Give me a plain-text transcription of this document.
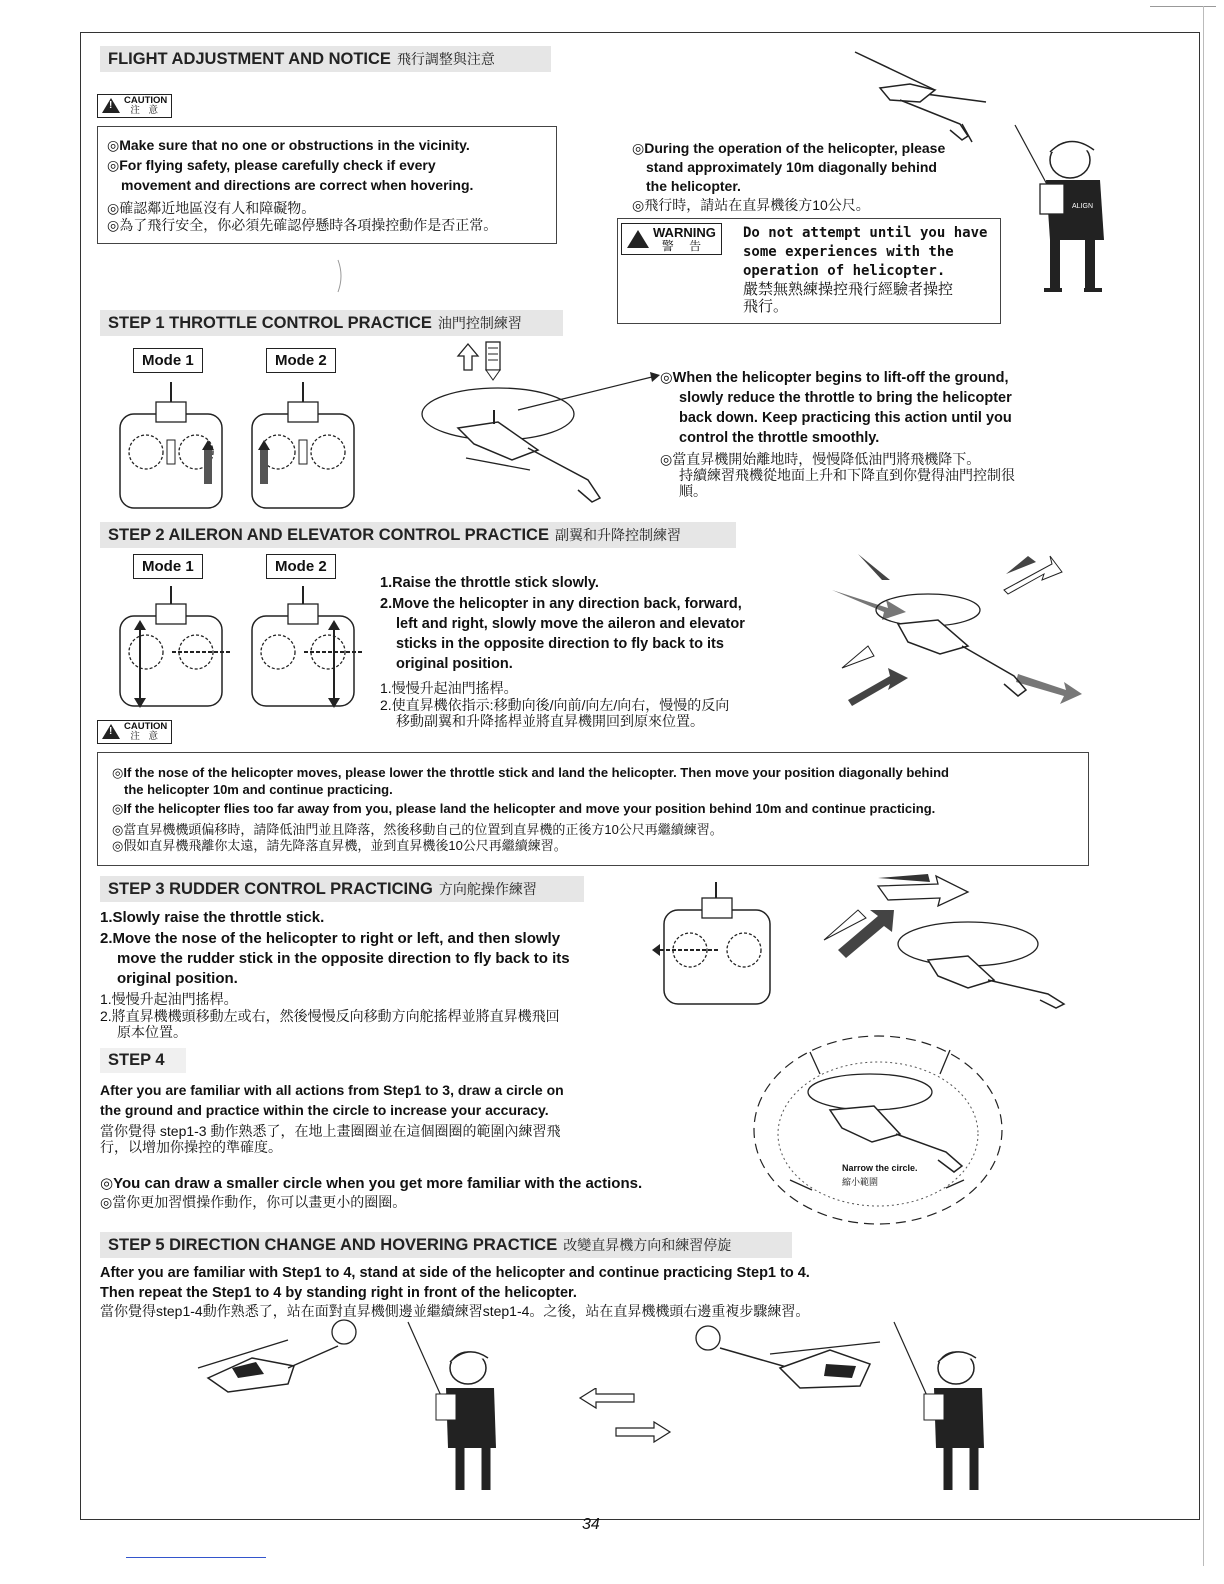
FLIGHT ADJUSTMENT AND NOTICE 飛行調整與注意
!
CAUTION
注 意
◎Make sure that no one or obstructions in the vicinity.
◎For flying safety, please carefully check if every
movement and directions are correct when hovering.
◎確認鄰近地區沒有人和障礙物。
◎為了飛行安全，你必須先確認停懸時各項操控動作是否正常。
◎During the operation of the helicopter, please
stand approximately 10m diagonally behind
the helicopter.
◎飛行時，請站在直昇機後方10公尺。
WARNING
警 告
Do not attempt until you have
some experiences with the
operation of helicopter.
嚴禁無熟練操控飛行經驗者操控
飛行。
ALIGN
STEP 1 THROTTLE CONTROL PRACTICE 油門控制練習
Mode 1	Mode 2
◎When the helicopter begins to lift-off the ground,
slowly reduce the throttle to bring the helicopter
back down. Keep practicing this action until you
control the throttle smoothly.
◎當直昇機開始離地時，慢慢降低油門將飛機降下。
持續練習飛機從地面上升和下降直到你覺得油門控制很
順。
STEP 2 AILERON AND ELEVATOR CONTROL PRACTICE 副翼和升降控制練習
Mode 1	Mode 2
1.Raise the throttle stick slowly.
2.Move the helicopter in any direction back, forward,
left and right, slowly move the aileron and elevator
sticks in the opposite direction to fly back to its
original position.
1.慢慢升起油門搖桿。
2.使直昇機依指示:移動向後/向前/向左/向右，慢慢的反向
移動副翼和升降搖桿並將直昇機開回到原來位置。
!
CAUTION
注 意
◎If the nose of the helicopter moves, please lower the throttle stick and land the helicopter. Then move your position diagonally behind
the helicopter 10m and continue practicing.
◎If the helicopter flies too far away from you, please land the helicopter and move your position behind 10m and continue practicing.
◎當直昇機機頭偏移時，請降低油門並且降落，然後移動自己的位置到直昇機的正後方10公尺再繼續練習。
◎假如直昇機飛離你太遠，請先降落直昇機，並到直昇機後10公尺再繼續練習。
STEP 3 RUDDER CONTROL PRACTICING 方向舵操作練習
1.Slowly raise the throttle stick.
2.Move the nose of the helicopter to right or left, and then slowly
move the rudder stick in the opposite direction to fly back to its
original position.
1.慢慢升起油門搖桿。
2.將直昇機機頭移動左或右，然後慢慢反向移動方向舵搖桿並將直昇機飛回
原本位置。
STEP 4
After you are familiar with all actions from Step1 to 3, draw a circle on
the ground and practice within the circle to increase your accuracy.
當你覺得 step1-3 動作熟悉了，在地上畫圈圈並在這個圈圈的範圍內練習飛
行，以增加你操控的準確度。
◎You can draw a smaller circle when you get more familiar with the actions.
◎當你更加習慣操作動作，你可以畫更小的圈圈。
Narrow the circle.
縮小範圍
STEP 5 DIRECTION CHANGE AND HOVERING PRACTICE 改變直昇機方向和練習停旋
After you are familiar with Step1 to 4, stand at side of the helicopter and continue practicing Step1 to 4.
Then repeat the Step1 to 4 by standing right in front of the helicopter.
當你覺得step1-4動作熟悉了，站在面對直昇機側邊並繼續練習step1-4。之後，站在直昇機機頭右邊重複步驟練習。
34
